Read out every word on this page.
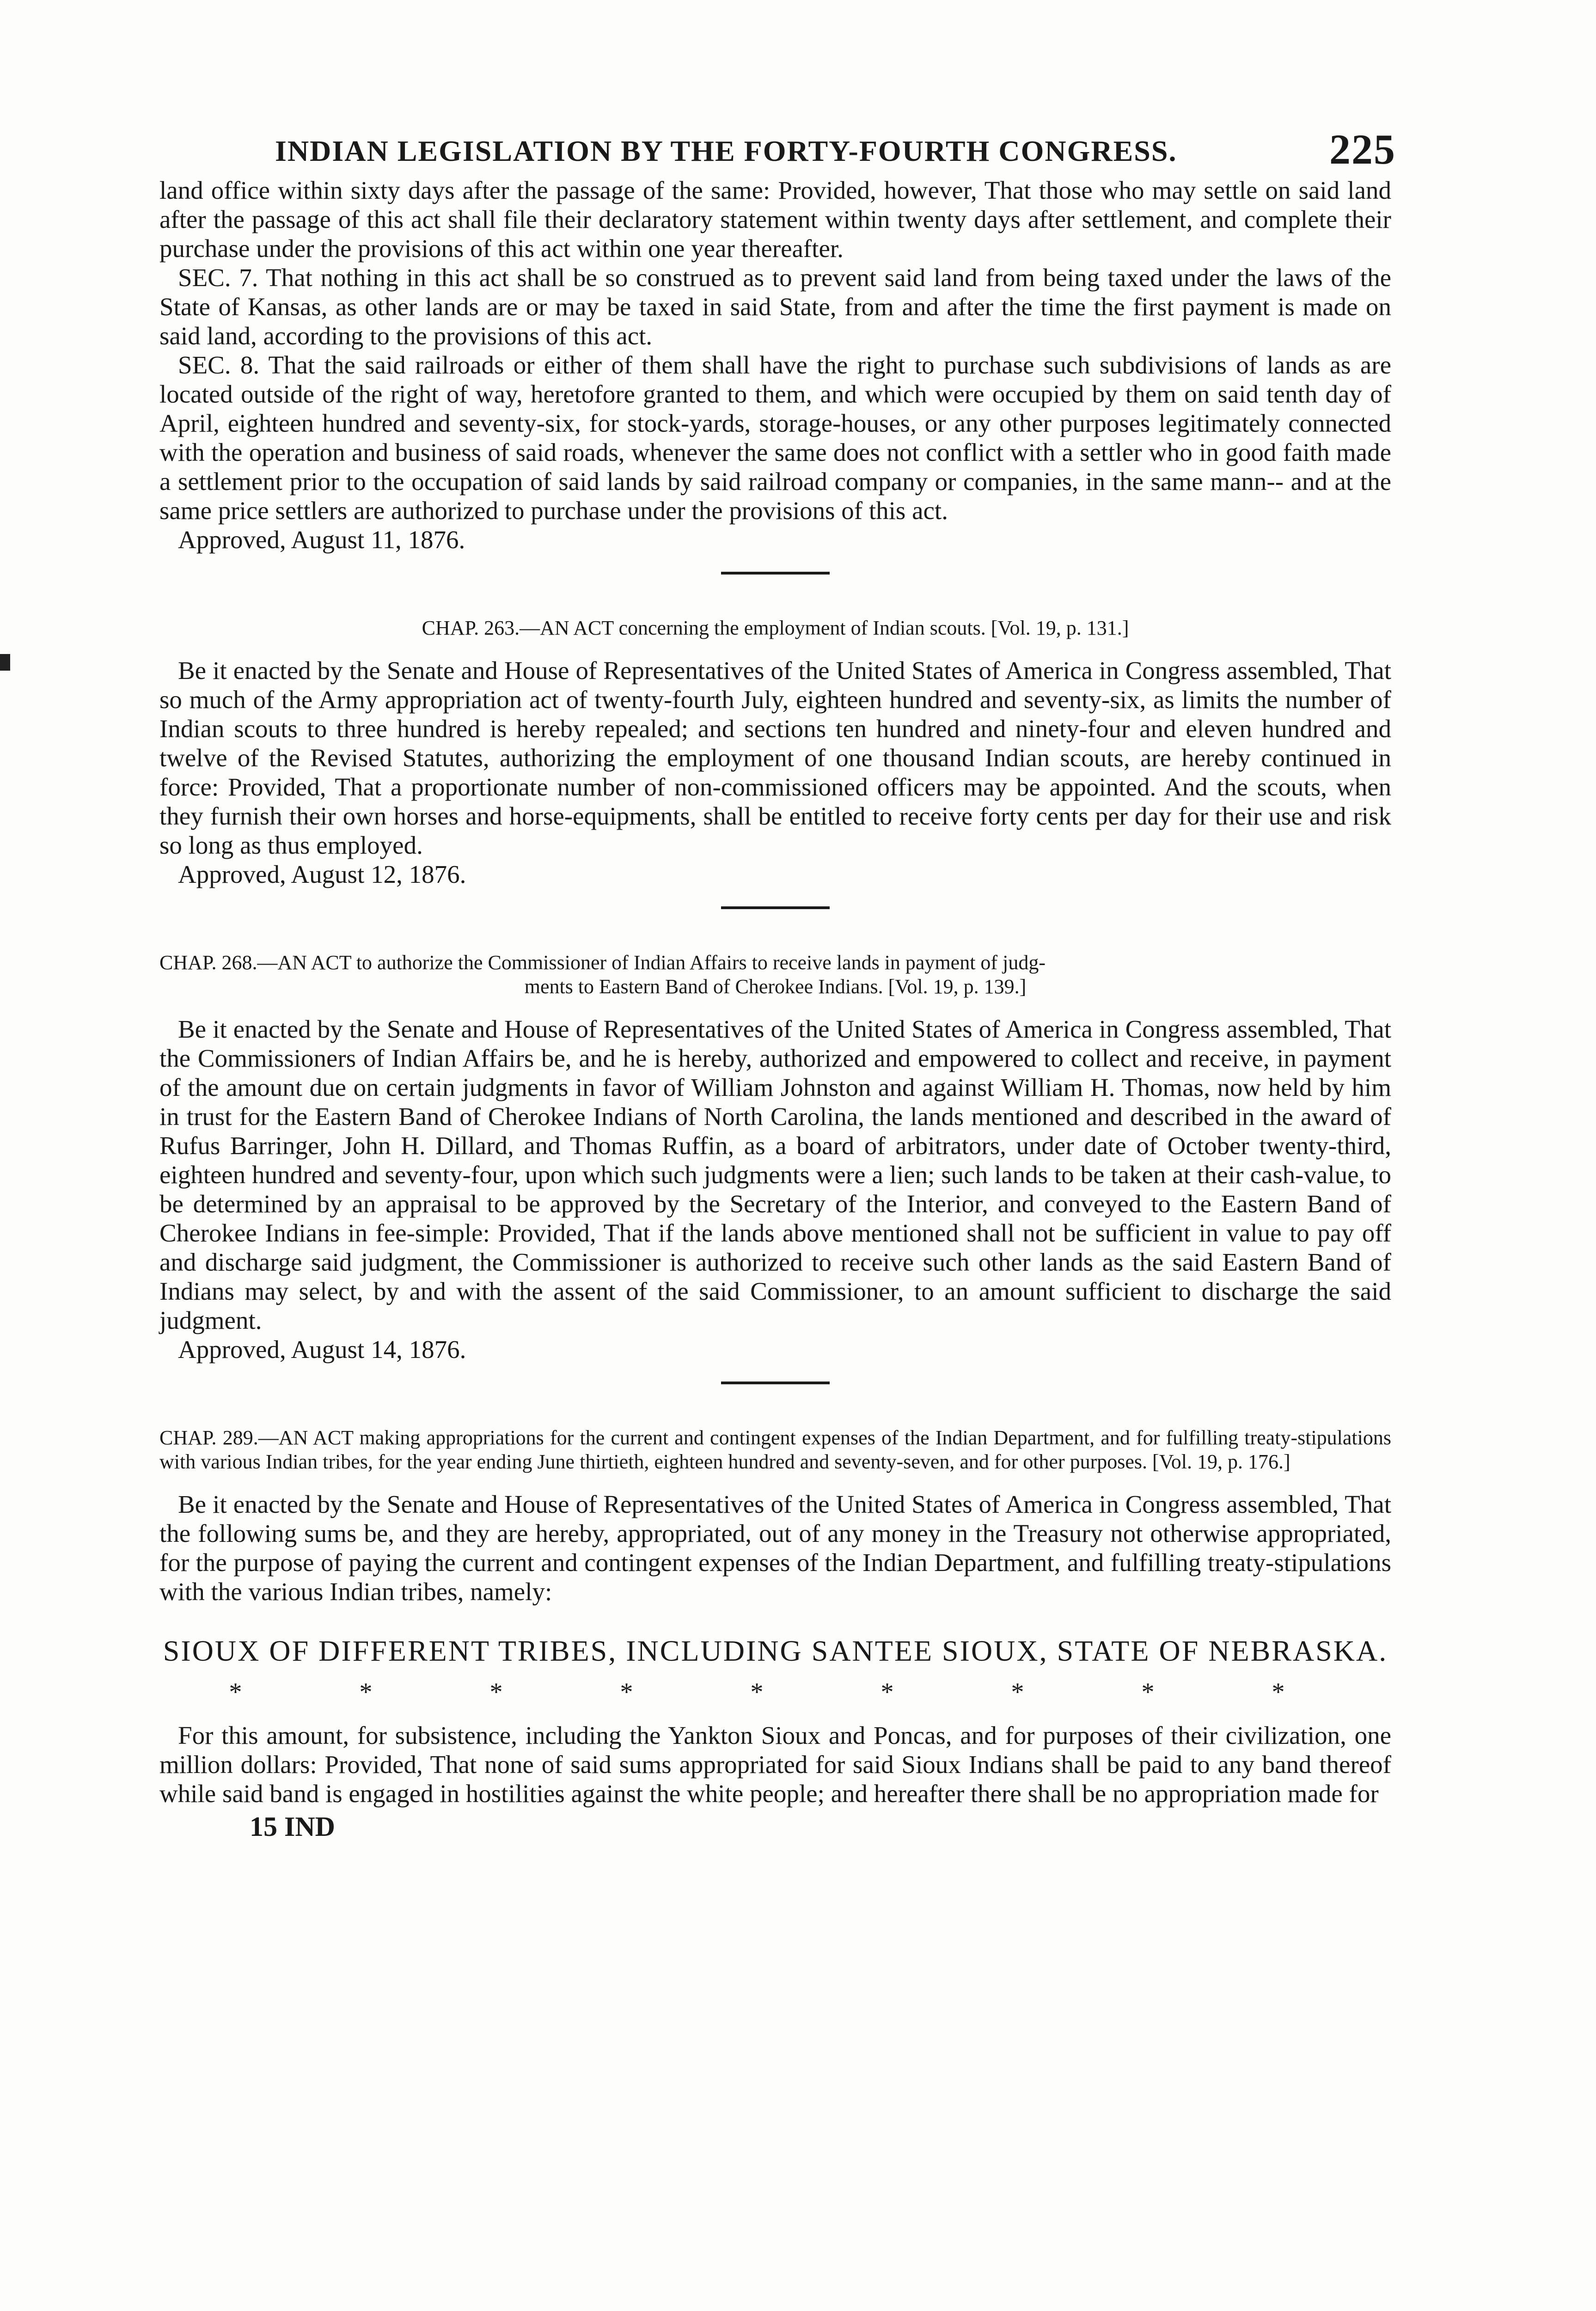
INDIAN LEGISLATION BY THE FORTY-FOURTH CONGRESS.	225

land office within sixty days after the passage of the same: Provided, however, That those who may settle on said land after the passage of this act shall file their declaratory statement within twenty days after settlement, and complete their purchase under the provisions of this act within one year thereafter.

SEC. 7. That nothing in this act shall be so construed as to prevent said land from being taxed under the laws of the State of Kansas, as other lands are or may be taxed in said State, from and after the time the first payment is made on said land, according to the provisions of this act.

SEC. 8. That the said railroads or either of them shall have the right to purchase such subdivisions of lands as are located outside of the right of way, heretofore granted to them, and which were occupied by them on said tenth day of April, eighteen hundred and seventy-six, for stock-yards, storage-houses, or any other purposes legitimately connected with the operation and business of said roads, whenever the same does not conflict with a settler who in good faith made a settlement prior to the occupation of said lands by said railroad company or companies, in the same mann-- and at the same price settlers are authorized to purchase under the provisions of this act.

Approved, August 11, 1876.

CHAP. 263.—AN ACT concerning the employment of Indian scouts. [Vol. 19, p. 131.]

Be it enacted by the Senate and House of Representatives of the United States of America in Congress assembled, That so much of the Army appropriation act of twenty-fourth July, eighteen hundred and seventy-six, as limits the number of Indian scouts to three hundred is hereby repealed; and sections ten hundred and ninety-four and eleven hundred and twelve of the Revised Statutes, authorizing the employment of one thousand Indian scouts, are hereby continued in force: Provided, That a proportionate number of non-commissioned officers may be appointed. And the scouts, when they furnish their own horses and horse-equipments, shall be entitled to receive forty cents per day for their use and risk so long as thus employed.

Approved, August 12, 1876.

CHAP. 268.—AN ACT to authorize the Commissioner of Indian Affairs to receive lands in payment of judg-
ments to Eastern Band of Cherokee Indians. [Vol. 19, p. 139.]

Be it enacted by the Senate and House of Representatives of the United States of America in Congress assembled, That the Commissioners of Indian Affairs be, and he is hereby, authorized and empowered to collect and receive, in payment of the amount due on certain judgments in favor of William Johnston and against William H. Thomas, now held by him in trust for the Eastern Band of Cherokee Indians of North Carolina, the lands mentioned and described in the award of Rufus Barringer, John H. Dillard, and Thomas Ruffin, as a board of arbitrators, under date of October twenty-third, eighteen hundred and seventy-four, upon which such judgments were a lien; such lands to be taken at their cash-value, to be determined by an appraisal to be approved by the Secretary of the Interior, and conveyed to the Eastern Band of Cherokee Indians in fee-simple: Provided, That if the lands above mentioned shall not be sufficient in value to pay off and discharge said judgment, the Commissioner is authorized to receive such other lands as the said Eastern Band of Indians may select, by and with the assent of the said Commissioner, to an amount sufficient to discharge the said judgment.

Approved, August 14, 1876.

CHAP. 289.—AN ACT making appropriations for the current and contingent expenses of the Indian Department, and for fulfilling treaty-stipulations with various Indian tribes, for the year ending June thirtieth, eighteen hundred and seventy-seven, and for other purposes. [Vol. 19, p. 176.]

Be it enacted by the Senate and House of Representatives of the United States of America in Congress assembled, That the following sums be, and they are hereby, appropriated, out of any money in the Treasury not otherwise appropriated, for the purpose of paying the current and contingent expenses of the Indian Department, and fulfilling treaty-stipulations with the various Indian tribes, namely:

SIOUX OF DIFFERENT TRIBES, INCLUDING SANTEE SIOUX, STATE OF NEBRASKA.
* * * * * * * * *

For this amount, for subsistence, including the Yankton Sioux and Poncas, and for purposes of their civilization, one million dollars: Provided, That none of said sums appropriated for said Sioux Indians shall be paid to any band thereof while said band is engaged in hostilities against the white people; and hereafter there shall be no appropriation made for

15 IND
